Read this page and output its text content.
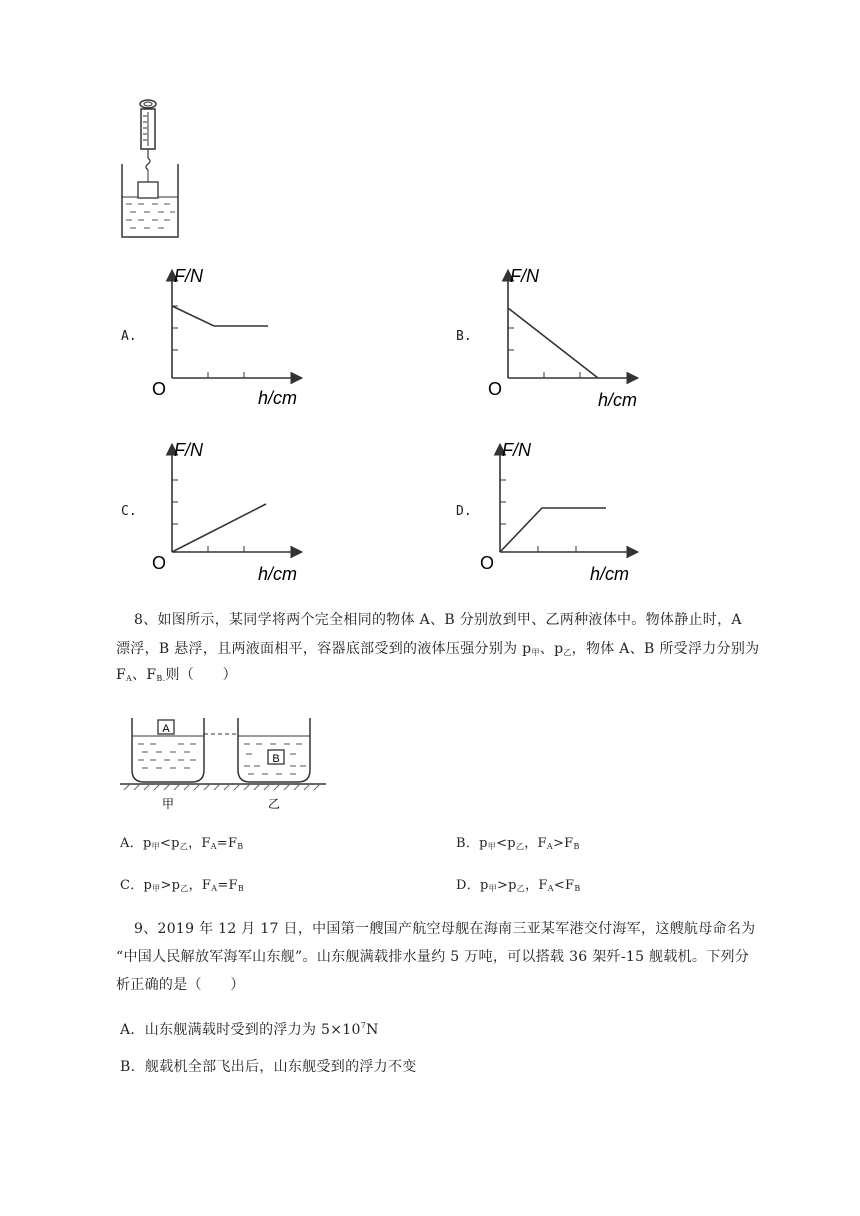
A.	B.
C.	D.
F/N
O	h/cm
F/N
O
h/cm
F/N
O
h/cm
F/N
O
h/cm
8、如图所示，某同学将两个完全相同的物体 A、B 分别放到甲、乙两种液体中。物体静止时，A
漂浮，B 悬浮，且两液面相平，容器底部受到的液体压强分别为 $p_甲$、$p_乙$，物体 A、B 所受浮力分别为
$F_A$、$F_{B.}$则（　　）
A
B
甲	乙
A．$p_甲<p_乙$，$F_A=F_B$	B．$p_甲<p_乙$，$F_A>F_B$
C．$p_甲>p_乙$，$F_A=F_B$	D．$p_甲>p_乙$，$F_A<F_B$
9、2019 年 12 月 17 日，中国第一艘国产航空母舰在海南三亚某军港交付海军，这艘航母命名为
“中国人民解放军海军山东舰”。山东舰满载排水量约 5 万吨，可以搭载 36 架歼-15 舰载机。下列分
析正确的是（　　）
A．山东舰满载时受到的浮力为 $5\times 10^7N$
B．舰载机全部飞出后，山东舰受到的浮力不变
